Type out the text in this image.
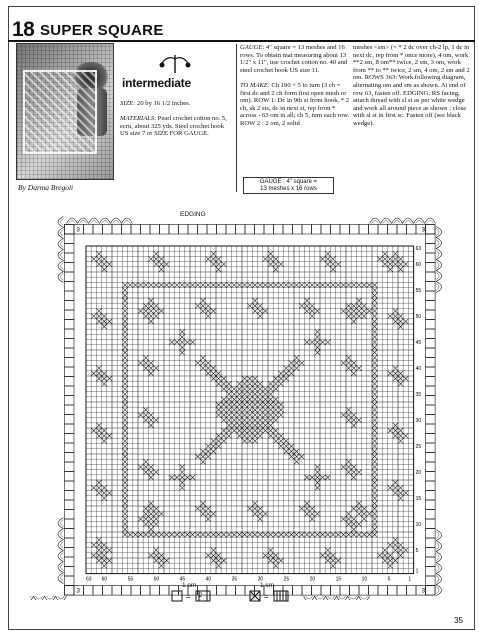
18 SUPER SQUARE
By Darma Bregoli
intermediate
SIZE: 20 by 16 1/2 inches.

MATERIALS: Pearl crochet cotton no. 5, ecru, about 325 yds. Steel crochet hook US size 7 or SIZE FOR GAUGE.
GAUGE: 4" square = 13 meshes and 16 rows. To obtain mat measuring about 13 1/2" x 11", use crochet cotton no. 40 and steel crochet hook US size 11.

TO MAKE: Ch 190 + 5 to turn (3 ch = first dc and 2 ch form first open mesh or om). ROW 1: Dc in 9th st from hook, * 2 ch, sk 2 sts, dc in next st, rep from * across - 63 om in all; ch 5, turn each row. ROW 2 : 2 om, 2 solid
meshes <sm> (= * 2 dc over ch-2 lp, 1 dc in next dc, rep from * once more), 4 om, work **2 sm, 8 om** twice, 2 sm, 3 om, work from ** to ** twice, 2 sm, 4 om, 2 sm and 2 om. ROWS 363: Work following diagram, alternating om and sm as shown. At end of row 63, fasten off. EDGING: RS facing, attach thread with sl st as per white wedge and work all around piece as shown ; close with sl st in first sc. Fasten off (see black wedge).
GAUGE : 4" square =
13 meshes x 16 rows
EDGING
3	3
3	3
63
60
55
50
45
40
35
30
25
20
15
10
5
1
63 60	55	50	45	40	35	30	25	20	15	10	5	1
1 om
= 2
1 sm
=
35
